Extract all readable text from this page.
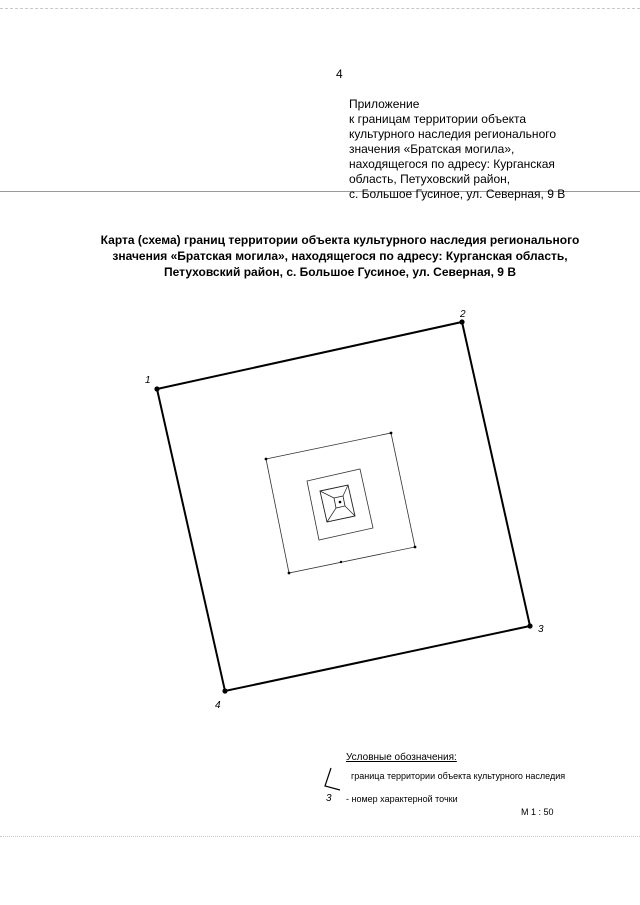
4
Приложение
к границам территории объекта
культурного наследия регионального
значения «Братская могила»,
находящегося по адресу: Курганская
область, Петуховский район,
с. Большое Гусиное, ул. Северная, 9 В
Карта (схема) границ территории объекта культурного наследия регионального
значения «Братская могила», находящегося по адресу: Курганская область,
Петуховский район, с. Большое Гусиное, ул. Северная, 9 В
1
2
3
4
Условные обозначения:
граница территории объекта культурного наследия
3 - номер характерной точки
М 1 : 50
